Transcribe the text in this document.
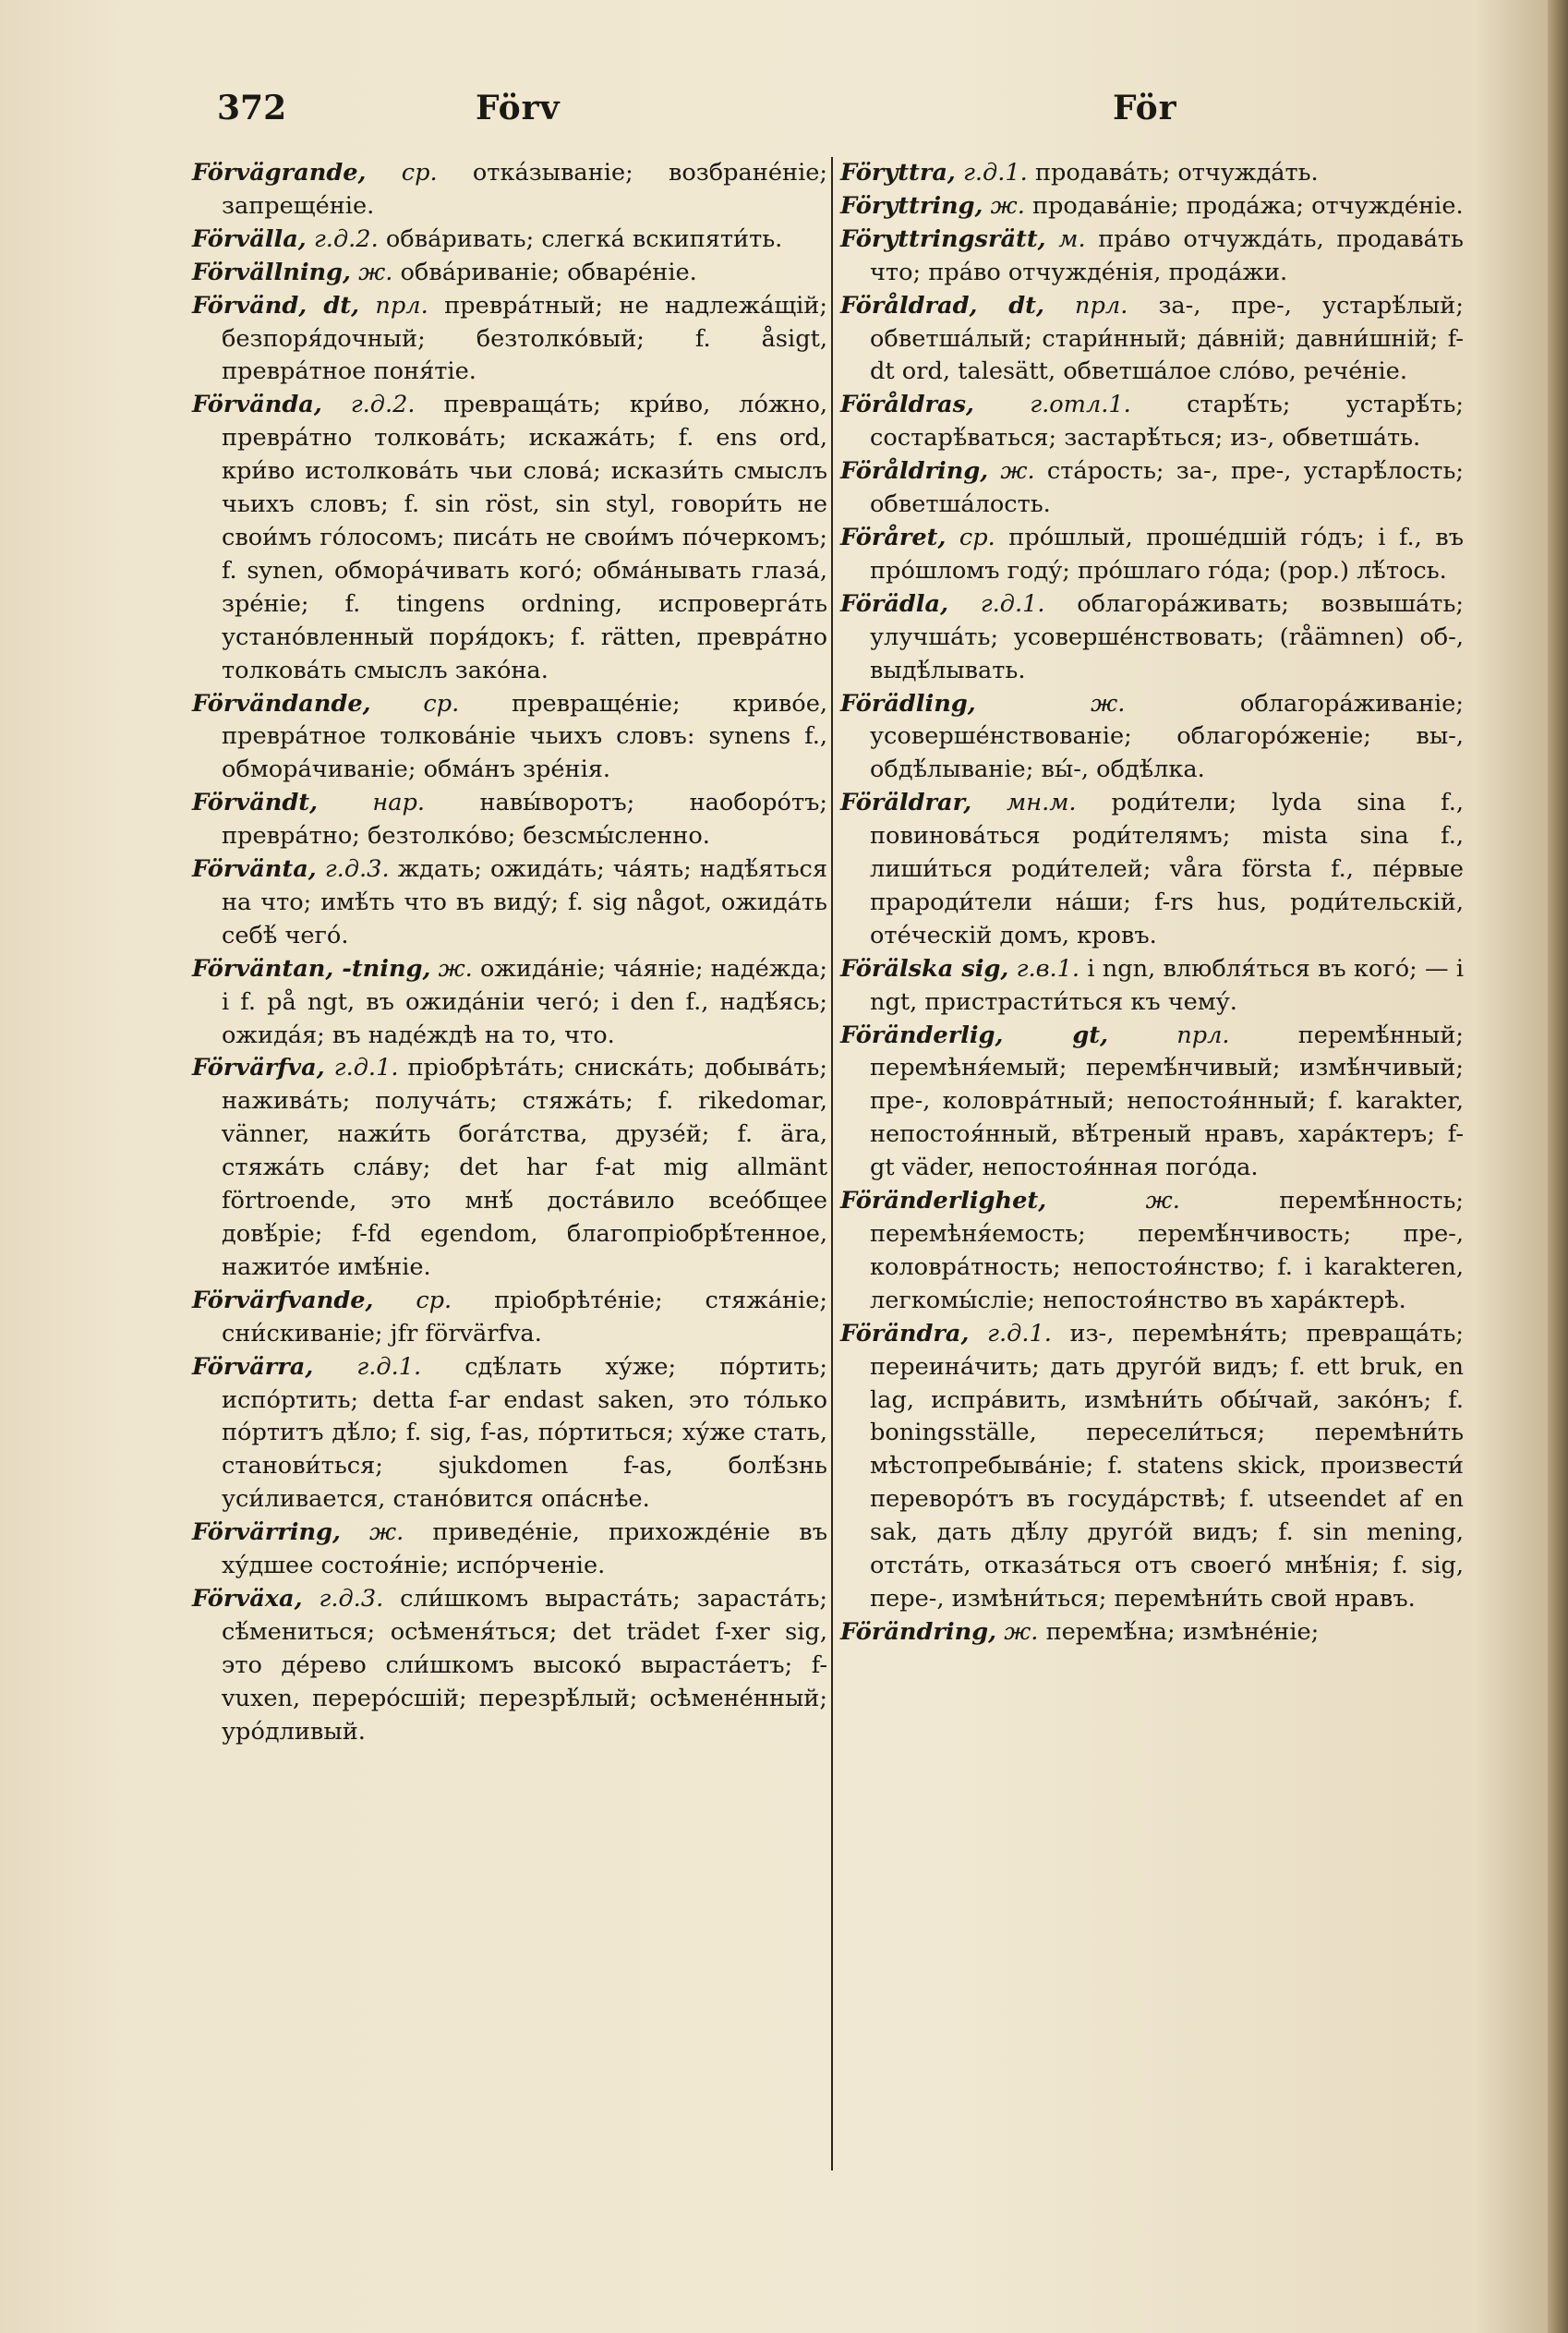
372	Förv	För

Förvägrande, ср. отка́зываніе; возбране́ніе; запреще́ніе.

Förvälla, г.д.2. обва́ривать; слегка́ вскипяти́ть.

Förvällning, ж. обва́риваніе; обваре́ніе.

Förvänd, dt, прл. превра́тный; не надлежа́щій; безпоря́дочный; безтолко́вый; f. åsigt, превра́тное поня́тіе.

Förvända, г.д.2. превраща́ть; кри́во, ло́жно, превра́тно толкова́ть; искажа́ть; f. ens ord, кри́во истолкова́ть чьи слова́; искази́ть смыслъ чьихъ словъ; f. sin röst, sin styl, говори́ть не свои́мъ го́лосомъ; писа́ть не свои́мъ по́черкомъ; f. synen, обмора́чивать кого́; обма́нывать глаза́, зре́ніе; f. tingens ordning, испроверга́ть устано́вленный поря́докъ; f. rätten, превра́тно толкова́ть смыслъ зако́на.

Förvändande, ср. превраще́ніе; криво́е, превра́тное толкова́ніе чьихъ словъ: synens f., обмора́чиваніе; обма́нъ зре́нія.

Förvändt, нар. навы́воротъ; наоборо́тъ; превра́тно; безтолко́во; безсмы́сленно.

Förvänta, г.д.3. ждать; ожида́ть; ча́ять; надѣ́яться на что; имѣ́ть что въ виду́; f. sig något, ожида́ть себѣ́ чего́.

Förväntan, -tning, ж. ожида́ніе; ча́яніе; наде́жда; i f. på ngt, въ ожида́ніи чего́; i den f., надѣ́ясь; ожида́я; въ наде́ждѣ на то, что.

Förvärfva, г.д.1. пріобрѣта́ть; сниска́ть; добыва́ть; нажива́ть; получа́ть; стяжа́ть; f. rikedomar, vänner, нажи́ть бога́тства, друзе́й; f. ära, стяжа́ть сла́ву; det har f-at mig allmänt förtroende, это мнѣ́ доста́вило всео́бщее довѣ́ріе; f-fd egendom, благопріобрѣ́тенное, нажито́е имѣ́ніе.

Förvärfvande, ср. пріобрѣте́ніе; стяжа́ніе; сни́скиваніе; jfr förvärfva.

Förvärra, г.д.1. сдѣ́лать ху́же; по́ртить; испо́ртить; detta f-ar endast saken, это то́лько по́ртитъ дѣ́ло; f. sig, f-as, по́ртиться; ху́же стать, станови́ться; sjukdomen f-as, болѣ́знь уси́ливается, стано́вится опа́снѣе.

Förvärring, ж. приведе́ніе, прихожде́ніе въ ху́дшее состоя́ніе; испо́рченіе.

Förväxa, г.д.3. сли́шкомъ выраста́ть; зараста́ть; сѣ́мениться; осѣменя́ться; det trädet f-xer sig, это де́рево сли́шкомъ высоко́ выраста́етъ; f-vuxen, переро́сшій; перезрѣ́лый; осѣмене́нный; уро́дливый.

Föryttra, г.д.1. продава́ть; отчужда́ть.

Föryttring, ж. продава́ніе; прода́жа; отчужде́ніе.

Föryttringsrätt, м. пра́во отчужда́ть, продава́ть что; пра́во отчужде́нія, прода́жи.

Föråldrad, dt, прл. за-, пре-, устарѣ́лый; обветша́лый; стари́нный; да́вній; давни́шній; f-dt ord, talesätt, обветша́лое сло́во, рече́ніе.

Föråldras, г.отл.1. старѣ́ть; устарѣ́ть; состарѣ́ваться; застарѣ́ться; из-, обветша́ть.

Föråldring, ж. ста́рость; за-, пре-, устарѣ́лость; обветша́лость.

Föråret, ср. про́шлый, проше́дшій го́дъ; i f., въ про́шломъ году́; про́шлаго го́да; (рор.) лѣ́тось.

Förädla, г.д.1. облагора́живать; возвыша́ть; улучша́ть; усоверше́нствовать; (råämnen) об-, выдѣ́лывать.

Förädling,	ж.	облагора́живаніе; усоверше́нствованіе; облагоро́женіе; вы-, обдѣ́лываніе; вы́-, обдѣ́лка.

Föräldrar, мн.м. роди́тели; lyda sina f., повинова́ться роди́телямъ; mista sina f., лиши́ться роди́телей; våra första f., пе́рвые прароди́тели на́ши; f-rs hus, роди́тельскій, оте́ческій домъ, кровъ.

Förälska sig, г.в.1. i ngn, влюбля́ться въ кого́; — i ngt, пристрасти́ться къ чему́.

Föränderlig, gt,	прл.	перемѣ́нный; перемѣня́емый; перемѣ́нчивый; измѣ́нчивый; пре-, коловра́тный; непостоя́нный; f. karakter, непостоя́нный, вѣ́треный нравъ, хара́ктеръ; f-gt väder, непостоя́нная пого́да.

Föränderlighet,	ж.	перемѣ́нность; перемѣня́емость; перемѣ́нчивость; пре-, коловра́тность; непостоя́нство; f. i karakteren, легкомы́сліе; непостоя́нство въ хара́ктерѣ.

Förändra, г.д.1. из-, перемѣня́ть; превраща́ть; переина́чить; дать друго́й видъ; f. ett bruk, en lag, испра́вить, измѣни́ть обы́чай, зако́нъ; f. boningsställe, пересели́ться; перемѣни́ть мѣстопребыва́ніе; f. statens skick, произвести́ переворо́тъ въ госуда́рствѣ; f. utseendet af en sak, дать дѣ́лу друго́й видъ; f. sin mening, отста́ть, отказа́ться отъ своего́ мнѣ́нія; f. sig, пере-, измѣни́ться; перемѣни́ть свой нравъ.

Förändring, ж. перемѣ́на; измѣне́ніе;
